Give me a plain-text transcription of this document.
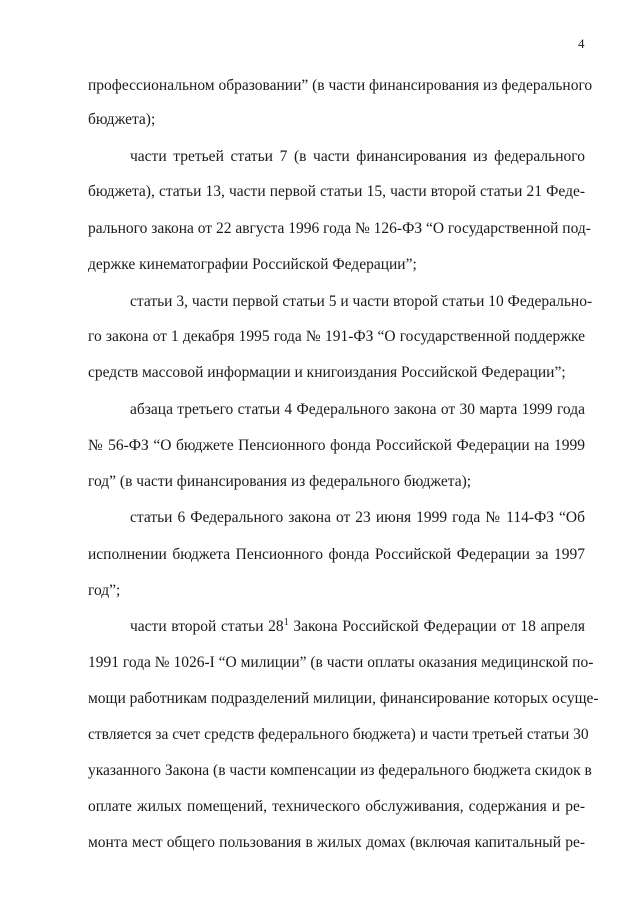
4
профессиональном образовании” (в части финансирования из федерального
бюджета);
части третьей статьи 7 (в части финансирования из федерального
бюджета), статьи 13, части первой статьи 15, части второй статьи 21 Феде-
рального закона от 22 августа 1996 года № 126-ФЗ “О государственной под-
держке кинематографии Российской Федерации”;
статьи 3, части первой статьи 5 и части второй статьи 10 Федерально-
го закона от 1 декабря 1995 года № 191-ФЗ “О государственной поддержке
средств массовой информации и книгоиздания Российской Федерации”;
абзаца третьего статьи 4 Федерального закона от 30 марта 1999 года
№ 56-ФЗ “О бюджете Пенсионного фонда Российской Федерации на 1999
год” (в части финансирования из федерального бюджета);
статьи 6 Федерального закона от 23 июня 1999 года № 114-ФЗ “Об
исполнении бюджета Пенсионного фонда Российской Федерации за 1997
год”;
части второй статьи $28^1$ Закона Российской Федерации от 18 апреля
1991 года № 1026-I “О милиции” (в части оплаты оказания медицинской по-
мощи работникам подразделений милиции, финансирование которых осуще-
ствляется за счет средств федерального бюджета) и части третьей статьи 30
указанного Закона (в части компенсации из федерального бюджета скидок в
оплате жилых помещений, технического обслуживания, содержания и ре-
монта мест общего пользования в жилых домах (включая капитальный ре-
